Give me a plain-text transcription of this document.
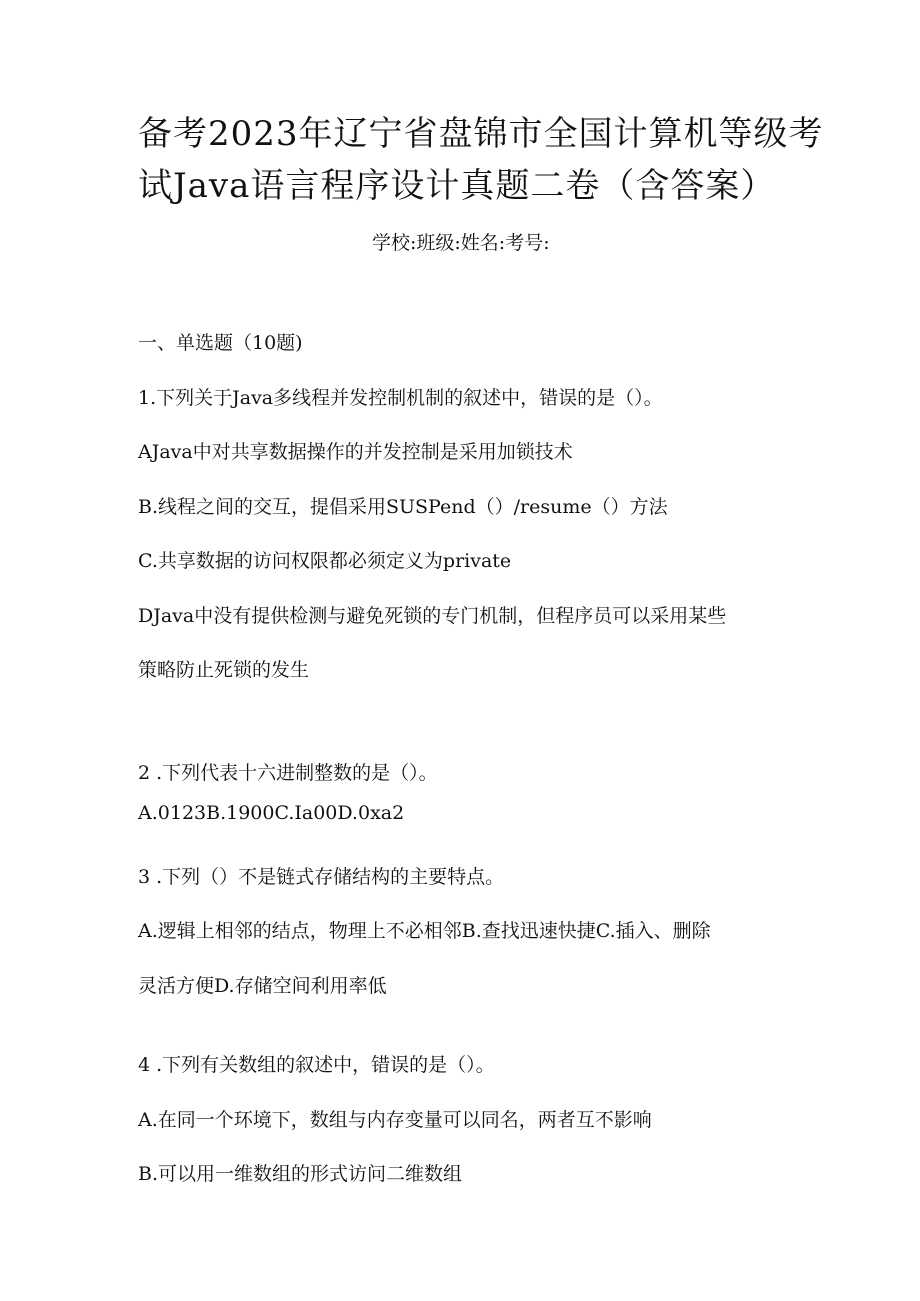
备考2023年辽宁省盘锦市全国计算机等级考
试Java语言程序设计真题二卷（含答案）
学校:班级:姓名:考号:
一、单选题（10题)
1.下列关于Java多线程并发控制机制的叙述中，错误的是（）。
AJava中对共享数据操作的并发控制是采用加锁技术
B.线程之间的交互，提倡采用SUSPend（）/resume（）方法
C.共享数据的访问权限都必须定义为private
DJava中没有提供检测与避免死锁的专门机制，但程序员可以采用某些
策略防止死锁的发生
2 .下列代表十六进制整数的是（）。
A.0123B.1900C.Ia00D.0xa2
3 .下列（）不是链式存储结构的主要特点。
A.逻辑上相邻的结点，物理上不必相邻B.查找迅速快捷C.插入、删除
灵活方便D.存储空间利用率低
4 .下列有关数组的叙述中，错误的是（）。
A.在同一个环境下，数组与内存变量可以同名，两者互不影响
B.可以用一维数组的形式访问二维数组
